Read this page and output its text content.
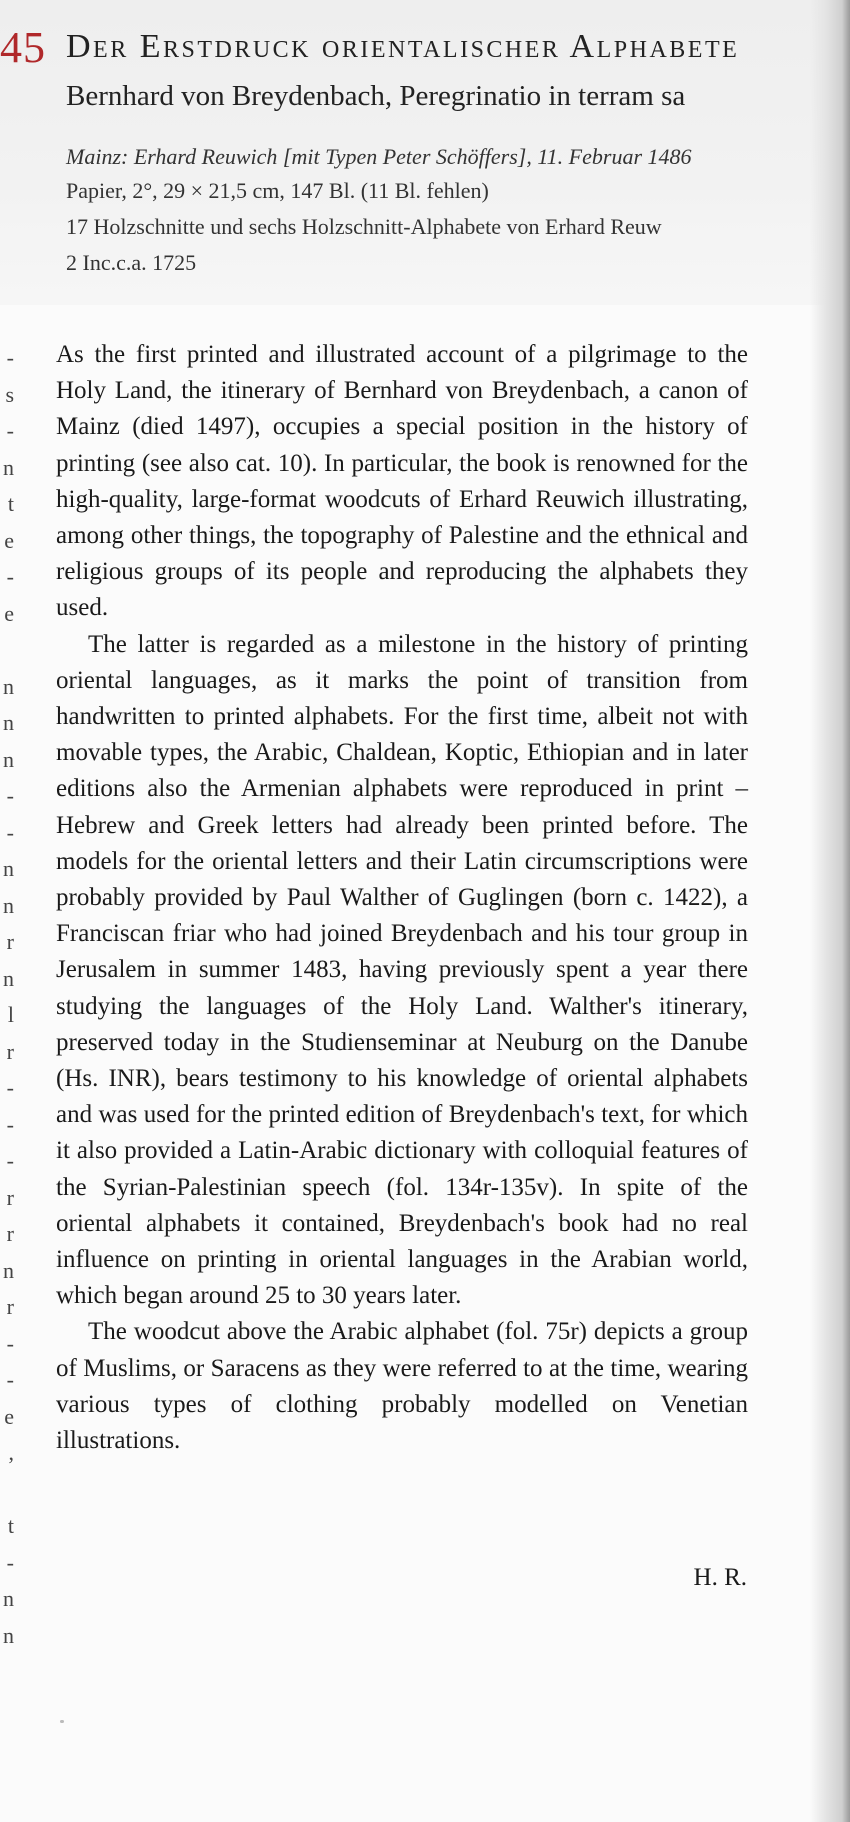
45 Der Erstdruck orientalischer Alphabete
Bernhard von Breydenbach, Peregrinatio in terram sa
Mainz: Erhard Reuwich [mit Typen Peter Schöffers], 11. Februar 1486
Papier, 2°, 29 × 21,5 cm, 147 Bl. (11 Bl. fehlen)
17 Holzschnitte und sechs Holzschnitt-Alphabete von Erhard Reuw
2 Inc.c.a. 1725
-
s
-
n
t
e
-
e
n
n
n
-
-
n
n
r
n
l
r
-
-
-
r
r
n
r
-
-
e
,
t
-
n
n

As the first printed and illustrated account of a pilgrimage to the Holy Land, the itinerary of Bernhard von Breydenbach, a canon of Mainz (died 1497), occupies a special position in the history of printing (see also cat. 10). In particular, the book is renowned for the high-quality, large-format woodcuts of Erhard Reuwich illustrating, among other things, the topography of Palestine and the ethnical and religious groups of its people and reproducing the alphabets they used.

The latter is regarded as a milestone in the history of printing oriental languages, as it marks the point of transition from handwritten to printed alphabets. For the first time, albeit not with movable types, the Arabic, Chaldean, Koptic, Ethiopian and in later editions also the Armenian alphabets were reproduced in print – Hebrew and Greek letters had already been printed before. The models for the oriental letters and their Latin circumscriptions were probably provided by Paul Walther of Guglingen (born c. 1422), a Franciscan friar who had joined Breydenbach and his tour group in Jerusalem in summer 1483, having previously spent a year there studying the languages of the Holy Land. Walther's itinerary, preserved today in the Studienseminar at Neuburg on the Danube (Hs. INR), bears testimony to his knowledge of oriental alphabets and was used for the printed edition of Breydenbach's text, for which it also provided a Latin-Arabic dictionary with colloquial features of the Syrian-Palestinian speech (fol. 134r-135v). In spite of the oriental alphabets it contained, Breydenbach's book had no real influence on printing in oriental languages in the Arabian world, which began around 25 to 30 years later.

The woodcut above the Arabic alphabet (fol. 75r) depicts a group of Muslims, or Saracens as they were referred to at the time, wearing various types of clothing probably modelled on Venetian illustrations.

H. R.
